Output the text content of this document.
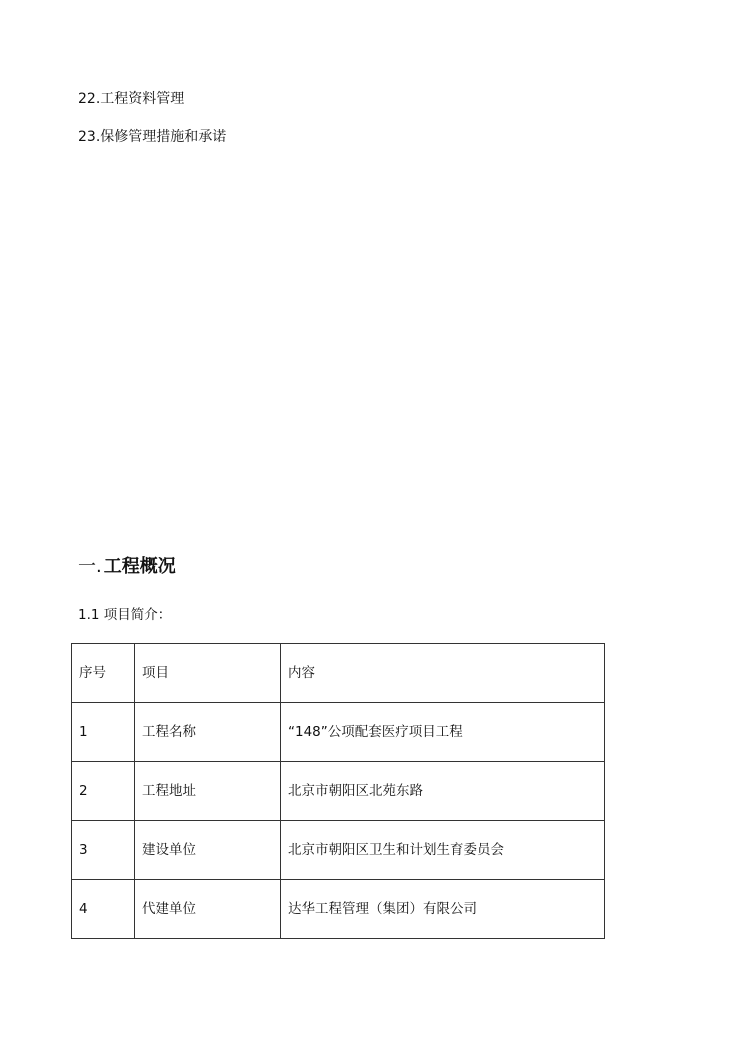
22.工程资料管理
23.保修管理措施和承诺
一. 工程概况
1.1 项目简介：
序号	项目	内容
1	工程名称	“148”公项配套医疗项目工程
2	工程地址	北京市朝阳区北苑东路
3	建设单位	北京市朝阳区卫生和计划生育委员会
4	代建单位	达华工程管理（集团）有限公司
